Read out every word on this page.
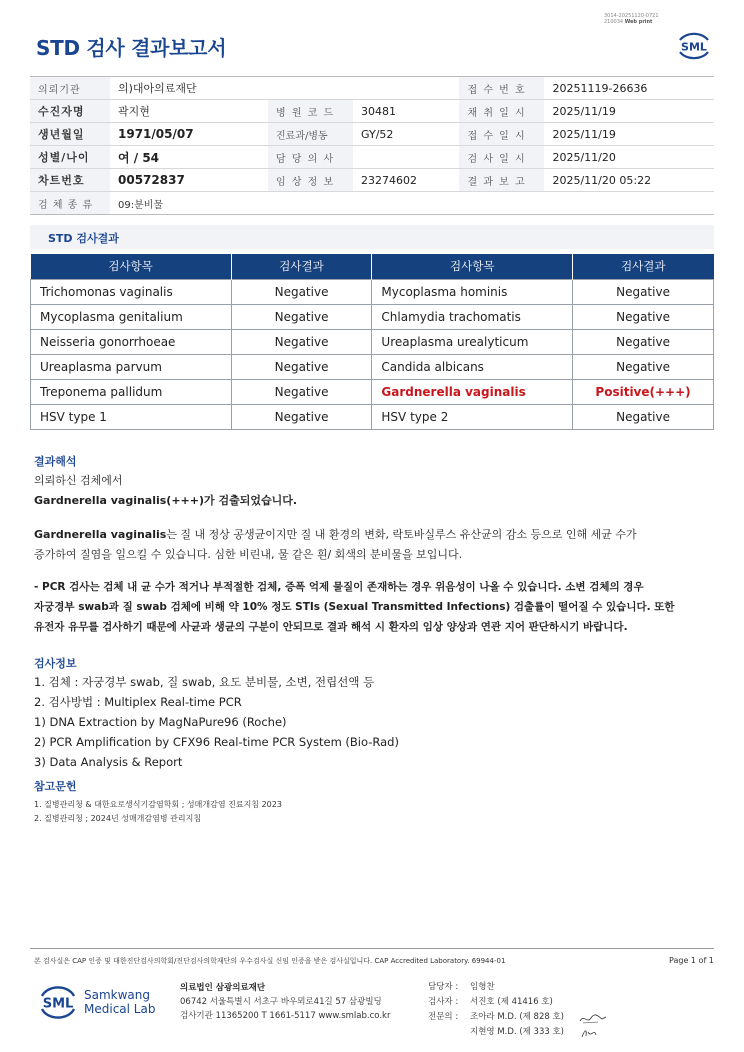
3014-20251120-0721
210034 Web print
STD 검사 결과보고서	SML
의뢰기관	의)대아의료재단			접 수 번 호	20251119-26636
수진자명	곽지현	병 원 코 드	30481	채 취 일 시	2025/11/19
생년월일	1971/05/07	진료과/병동	GY/52	접 수 일 시	2025/11/19
성별/나이	여 / 54	담 당 의 사		검 사 일 시	2025/11/20
차트번호	00572837	임 상 정 보	23274602	결 과 보 고	2025/11/20 05:22
검 체 종 류	09:분비물				
STD 검사결과
검사항목	검사결과	검사항목	검사결과
Trichomonas vaginalis	Negative	Mycoplasma hominis	Negative
Mycoplasma genitalium	Negative	Chlamydia trachomatis	Negative
Neisseria gonorrhoeae	Negative	Ureaplasma urealyticum	Negative
Ureaplasma parvum	Negative	Candida albicans	Negative
Treponema pallidum	Negative	Gardnerella vaginalis	Positive(+++)
HSV type 1	Negative	HSV type 2	Negative
결과해석
의뢰하신 검체에서
Gardnerella vaginalis(+++)가 검출되었습니다.
Gardnerella vaginalis는 질 내 정상 공생균이지만 질 내 환경의 변화, 락토바실루스 유산균의 감소 등으로 인해 세균 수가
증가하여 질염을 일으킬 수 있습니다. 심한 비린내, 물 같은 흰/ 회색의 분비물을 보입니다.
- PCR 검사는 검체 내 균 수가 적거나 부적절한 검체, 증폭 억제 물질이 존재하는 경우 위음성이 나올 수 있습니다. 소변 검체의 경우
자궁경부 swab과 질 swab 검체에 비해 약 10% 정도 STIs (Sexual Transmitted Infections) 검출률이 떨어질 수 있습니다. 또한
유전자 유무를 검사하기 때문에 사균과 생균의 구분이 안되므로 결과 해석 시 환자의 임상 양상과 연관 지어 판단하시기 바랍니다.
검사정보
1. 검체 : 자궁경부 swab, 질 swab, 요도 분비물, 소변, 전립선액 등
2. 검사방법 : Multiplex Real-time PCR
1) DNA Extraction by MagNaPure96 (Roche)
2) PCR Amplification by CFX96 Real-time PCR System (Bio-Rad)
3) Data Analysis & Report
참고문헌
1. 질병관리청 & 대한요로생식기감염학회 ; 성매개감염 진료지침 2023
2. 질병관리청 ; 2024년 성매개감염병 관리지침
본 검사실은 CAP 인증 및 대한진단검사의학회/진단검사의학재단의 우수검사실 신임 인증을 받은 검사실입니다. CAP Accredited Laboratory. 69944-01	Page 1 of 1
SML
Samkwang
Medical Lab
의료법인 삼광의료재단
06742 서울특별시 서초구 바우뫼로41길 57 삼광빌딩
검사기관 11365200 T 1661-5117 www.smlab.co.kr
담당자 :	임형찬
검사자 :	서진호 (제 41416 호)
전문의 :	조아라 M.D. (제 828 호)
지현영 M.D. (제 333 호)
